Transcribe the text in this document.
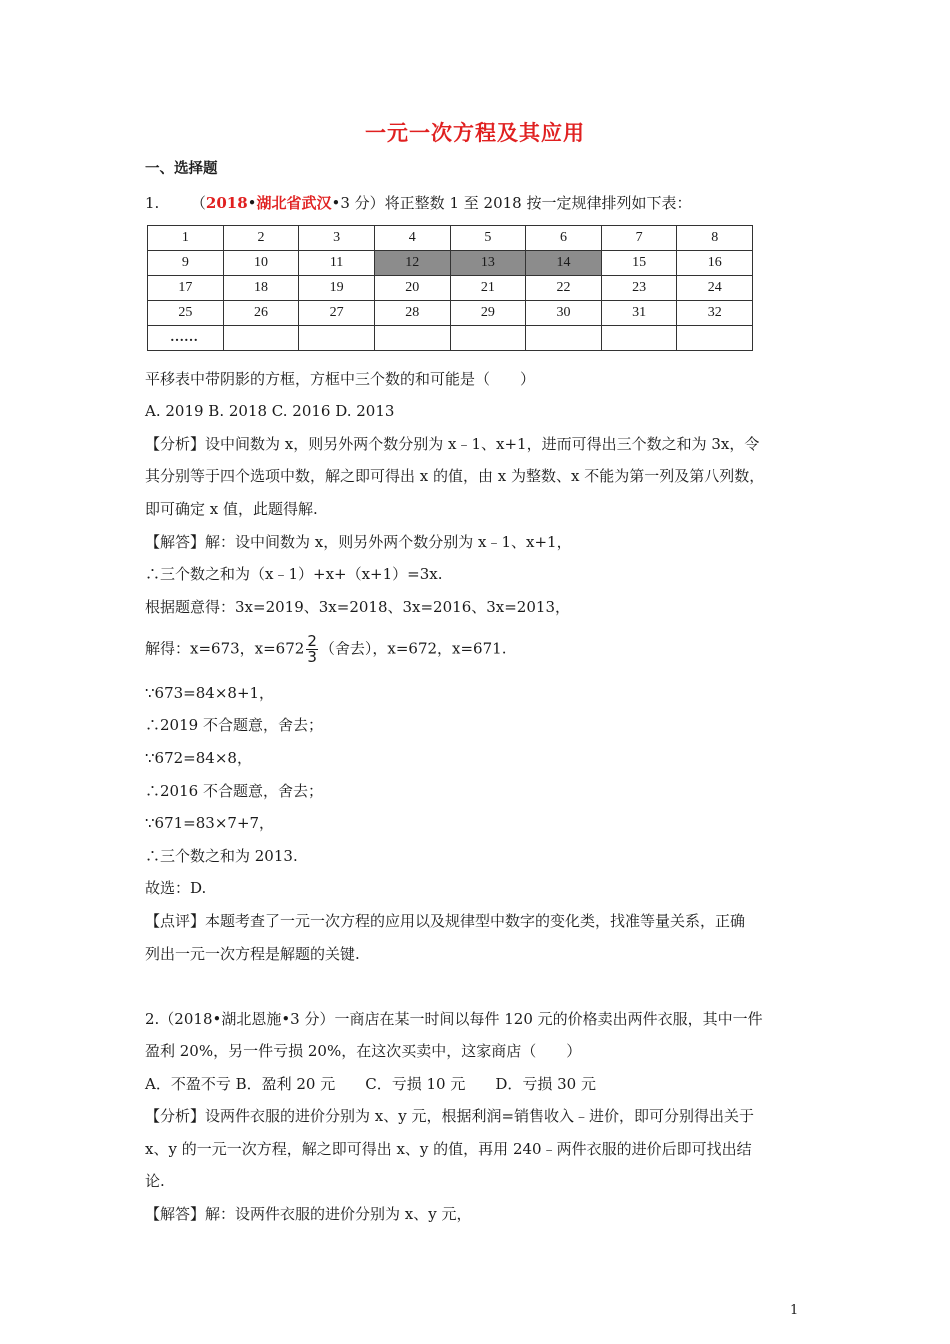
一元一次方程及其应用
一、选择题
1. （2018•湖北省武汉•3 分）将正整数 1 至 2018 按一定规律排列如下表：
1	2	3	4	5	6	7	8
9	10	11	12	13	14	15	16
17	18	19	20	21	22	23	24
25	26	27	28	29	30	31	32
……							
平移表中带阴影的方框，方框中三个数的和可能是（　　）
A. 2019 B. 2018 C. 2016 D. 2013
【分析】设中间数为 x，则另外两个数分别为 x﹣1、x+1，进而可得出三个数之和为 3x，令
其分别等于四个选项中数，解之即可得出 x 的值，由 x 为整数、x 不能为第一列及第八列数，
即可确定 x 值，此题得解.
【解答】解：设中间数为 x，则另外两个数分别为 x﹣1、x+1，
∴三个数之和为（x﹣1）+x+（x+1）=3x.
根据题意得：3x=2019、3x=2018、3x=2016、3x=2013，
解得：x=673，$x=672 \frac{2}{3}$ （舍去），x=672，x=671.
∵673=84×8+1，
∴2019 不合题意，舍去；
∵672=84×8，
∴2016 不合题意，舍去；
∵671=83×7+7，
∴三个数之和为 2013.
故选：D.
【点评】本题考查了一元一次方程的应用以及规律型中数字的变化类，找准等量关系，正确
列出一元一次方程是解题的关键.
2.（2018•湖北恩施•3 分）一商店在某一时间以每件 120 元的价格卖出两件衣服，其中一件
盈利 20%，另一件亏损 20%，在这次买卖中，这家商店（　　）
A．不盈不亏 B．盈利 20 元　　C．亏损 10 元　　D．亏损 30 元
【分析】设两件衣服的进价分别为 x、y 元，根据利润=销售收入﹣进价，即可分别得出关于
x、y 的一元一次方程，解之即可得出 x、y 的值，再用 240﹣两件衣服的进价后即可找出结
论.
【解答】解：设两件衣服的进价分别为 x、y 元，
1
